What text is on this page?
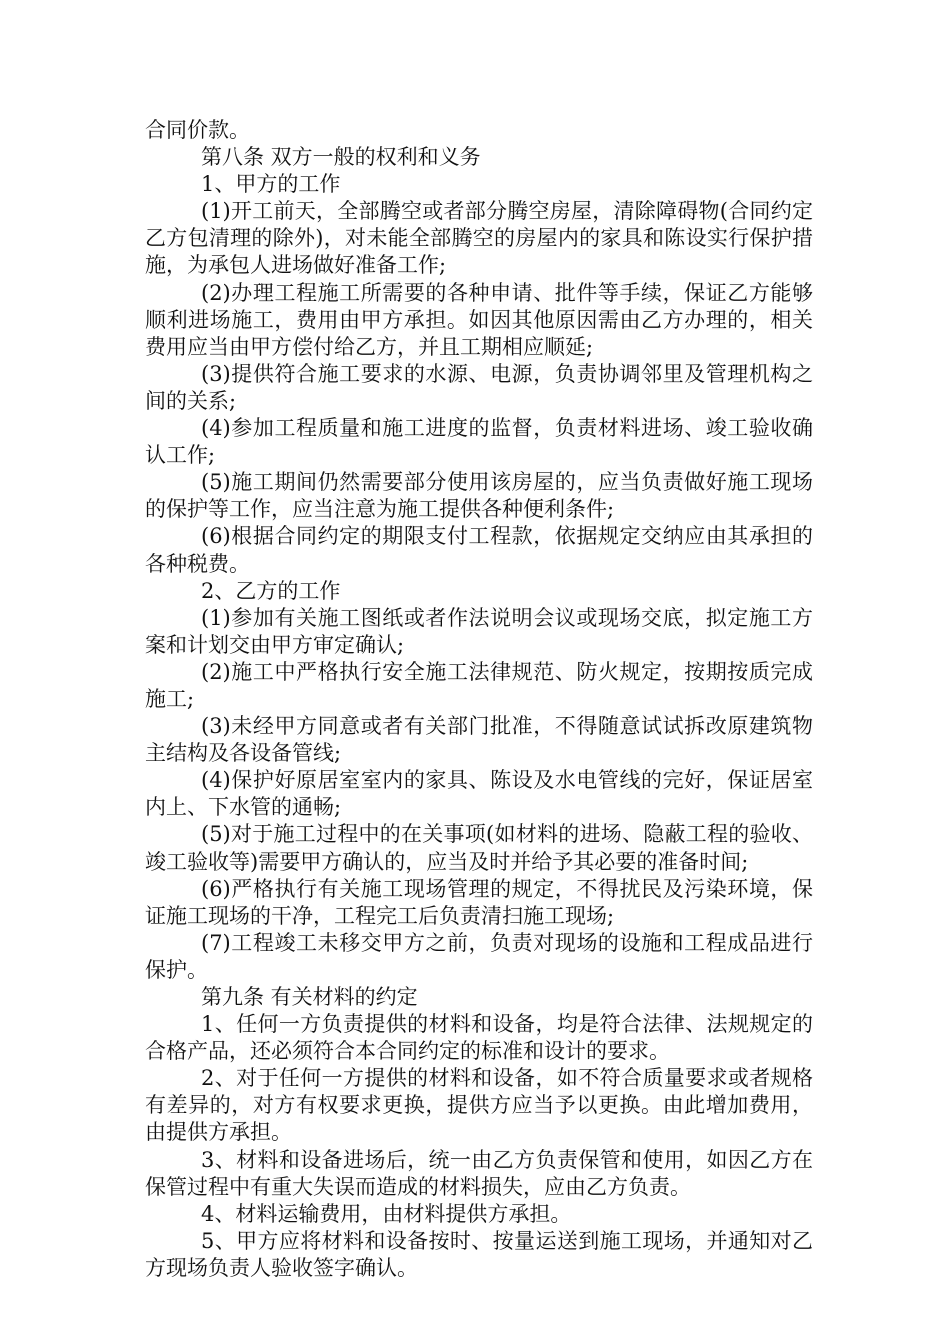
合同价款。

第八条 双方一般的权利和义务

1、甲方的工作

(1)开工前天，全部腾空或者部分腾空房屋，清除障碍物(合同约定乙方包清理的除外)，对未能全部腾空的房屋内的家具和陈设实行保护措施，为承包人进场做好准备工作;

(2)办理工程施工所需要的各种申请、批件等手续，保证乙方能够顺利进场施工，费用由甲方承担。如因其他原因需由乙方办理的，相关费用应当由甲方偿付给乙方，并且工期相应顺延;

(3)提供符合施工要求的水源、电源，负责协调邻里及管理机构之间的关系;

(4)参加工程质量和施工进度的监督，负责材料进场、竣工验收确认工作;

(5)施工期间仍然需要部分使用该房屋的，应当负责做好施工现场的保护等工作，应当注意为施工提供各种便利条件;

(6)根据合同约定的期限支付工程款，依据规定交纳应由其承担的各种税费。

2、乙方的工作

(1)参加有关施工图纸或者作法说明会议或现场交底，拟定施工方案和计划交由甲方审定确认;

(2)施工中严格执行安全施工法律规范、防火规定，按期按质完成施工;

(3)未经甲方同意或者有关部门批准，不得随意试试拆改原建筑物主结构及各设备管线;

(4)保护好原居室室内的家具、陈设及水电管线的完好，保证居室内上、下水管的通畅;

(5)对于施工过程中的在关事项(如材料的进场、隐蔽工程的验收、竣工验收等)需要甲方确认的，应当及时并给予其必要的准备时间;

(6)严格执行有关施工现场管理的规定，不得扰民及污染环境，保证施工现场的干净，工程完工后负责清扫施工现场;

(7)工程竣工未移交甲方之前，负责对现场的设施和工程成品进行保护。

第九条 有关材料的约定

1、任何一方负责提供的材料和设备，均是符合法律、法规规定的合格产品，还必须符合本合同约定的标准和设计的要求。

2、对于任何一方提供的材料和设备，如不符合质量要求或者规格有差异的，对方有权要求更换，提供方应当予以更换。由此增加费用，由提供方承担。

3、材料和设备进场后，统一由乙方负责保管和使用，如因乙方在保管过程中有重大失误而造成的材料损失，应由乙方负责。

4、材料运输费用，由材料提供方承担。

5、甲方应将材料和设备按时、按量运送到施工现场，并通知对乙方现场负责人验收签字确认。
